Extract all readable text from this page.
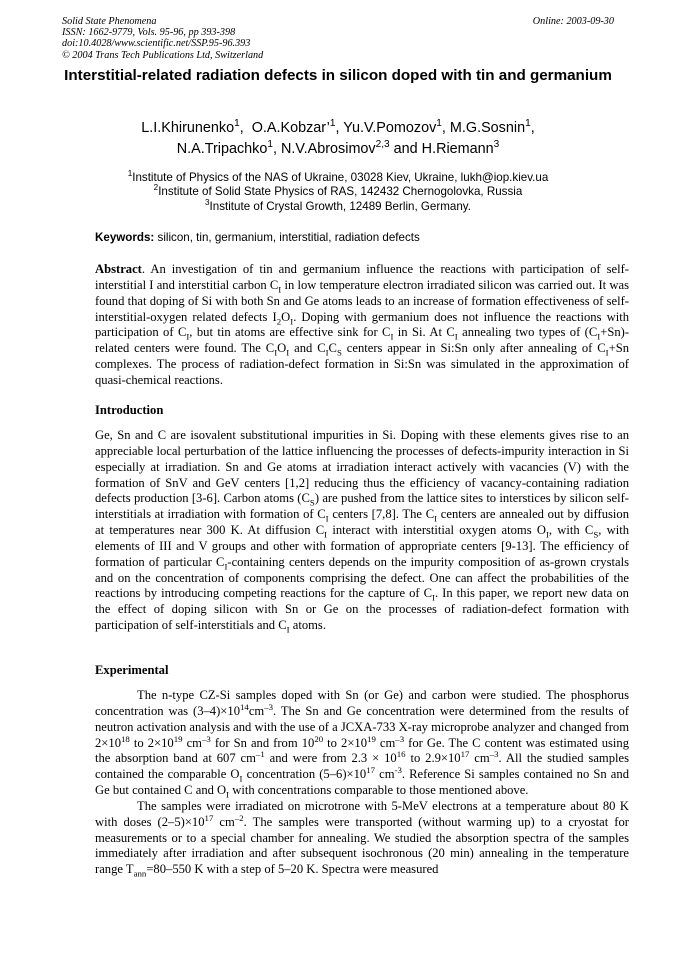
Solid State Phenomena
ISSN: 1662-9779, Vols. 95-96, pp 393-398
doi:10.4028/www.scientific.net/SSP.95-96.393
© 2004 Trans Tech Publications Ltd, Switzerland
Online: 2003-09-30
Interstitial-related radiation defects in silicon doped with tin and germanium
L.I.Khirunenko$^1$,  O.A.Kobzar’$^1$, Yu.V.Pomozov$^1$, M.G.Sosnin$^1$,
N.A.Tripachko$^1$, N.V.Abrosimov$^{2,3}$ and H.Riemann$^3$
$^1$Institute of Physics of the NAS of Ukraine, 03028 Kiev, Ukraine, lukh@iop.kiev.ua
$^2$Institute of Solid State Physics of RAS, 142432 Chernogolovka, Russia
$^3$Institute of Crystal Growth, 12489 Berlin, Germany.
Keywords: silicon, tin, germanium, interstitial, radiation defects

Abstract. An investigation of tin and germanium influence the reactions with participation of self-interstitial I and interstitial carbon $C_I$ in low temperature electron irradiated silicon was carried out. It was found that doping of Si with both Sn and Ge atoms leads to an increase of formation effectiveness of self-interstitial-oxygen related defects $I_2O_I$. Doping with germanium does not influence the reactions with participation of $C_I$, but tin atoms are effective sink for $C_I$ in Si. At $C_I$ annealing two types of $(C_I+Sn)$-related centers were found. The $C_IO_I$ and $C_IC_S$ centers appear in Si:Sn only after annealing of $C_I+Sn$ complexes. The process of radiation-defect formation in Si:Sn was simulated in the approximation of quasi-chemical reactions.

Introduction

Ge, Sn and C are isovalent substitutional impurities in Si. Doping with these elements gives rise to an appreciable local perturbation of the lattice influencing the processes of defects-impurity interaction in Si especially at irradiation. Sn and Ge atoms at irradiation interact actively with vacancies (V) with the formation of SnV and GeV centers [1,2] reducing thus the efficiency of vacancy-containing radiation defects production [3-6]. Carbon atoms $(C_S)$ are pushed from the lattice sites to interstices by silicon self-interstitials at irradiation with formation of $C_I$ centers [7,8]. The $C_I$ centers are annealed out by diffusion at temperatures near 300 K. At diffusion $C_I$ interact with interstitial oxygen atoms $O_I$, with $C_S$, with elements of III and V groups and other with formation of appropriate centers [9-13]. The efficiency of formation of particular $C_I$-containing centers depends on the impurity composition of as-grown crystals and on the concentration of components comprising the defect. One can affect the probabilities of the reactions by introducing competing reactions for the capture of $C_I$. In this paper, we report new data on the effect of doping silicon with Sn or Ge on the processes of radiation-defect formation with participation of self-interstitials and $C_I$ atoms.

Experimental

The n-type CZ-Si samples doped with Sn (or Ge) and carbon were studied. The phosphorus concentration was $(3-4)\times 10^{14}cm^{-3}$. The Sn and Ge concentration were determined from the results of neutron activation analysis and with the use of a JCXA-733 X-ray microprobe analyzer and changed from $2\times 10^{18}$ to $2\times 10^{19}$ $cm^{-3}$ for Sn and from $10^{20}$ to $2\times 10^{19}$ $cm^{-3}$ for Ge. The C content was estimated using the absorption band at 607 $cm^{-1}$ and were from $2.3 \times 10^{16}$ to $2.9\times 10^{17}$ $cm^{-3}$. All the studied samples contained the comparable $O_I$ concentration $(5-6)\times 10^{17}$ $cm^{-3}$. Reference Si samples contained no Sn and Ge but contained C and $O_I$ with concentrations comparable to those mentioned above.

The samples were irradiated on microtrone with 5-MeV electrons at a temperature about 80 K with doses $(2-5)\times 10^{17}$ $cm^{-2}$. The samples were transported (without warming up) to a cryostat for measurements or to a special chamber for annealing. We studied the absorption spectra of the samples immediately after irradiation and after subsequent isochronous (20 min) annealing in the temperature range $T_{ann}=80-550$ K with a step of 5–20 K. Spectra were measured
